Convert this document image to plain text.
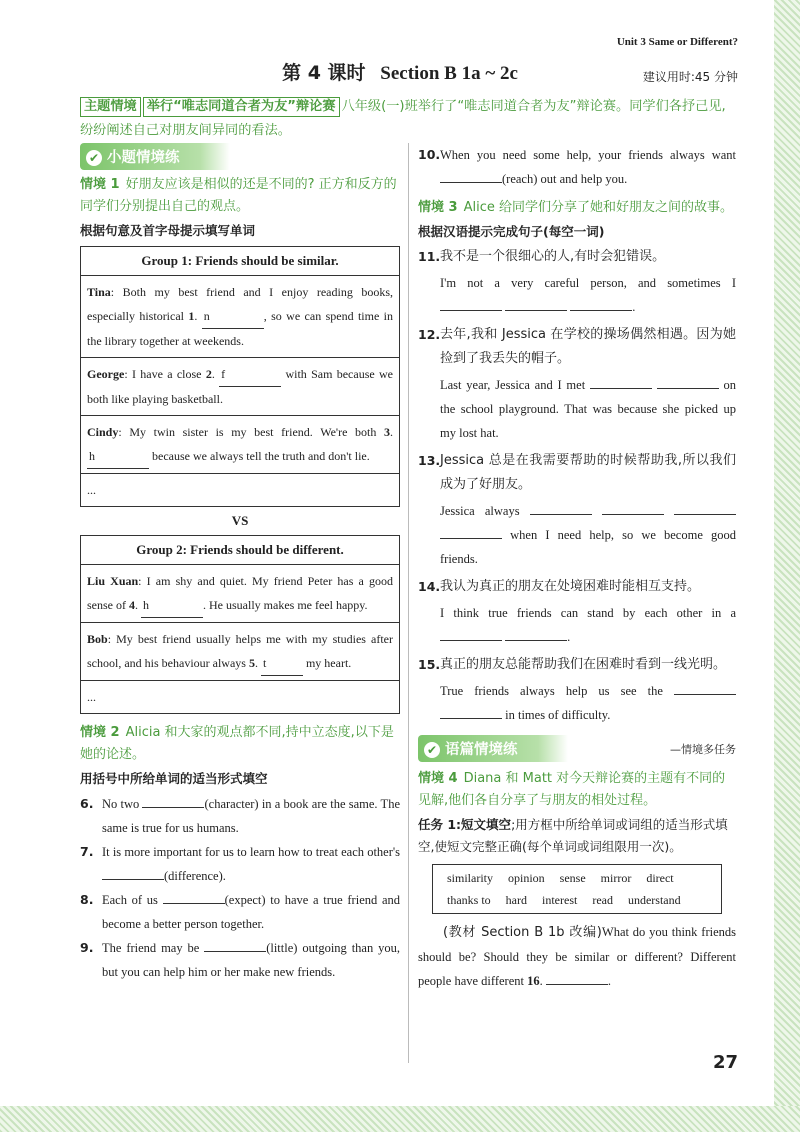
Unit 3 Same or Different?
第 4 课时 Section B 1a ~ 2c	建议用时:45 分钟
主题情境 举行“唯志同道合者为友”辩论赛 八年级(一)班举行了“唯志同道合者为友”辩论赛。同学们各抒己见,纷纷阐述自己对朋友间异同的看法。
✔ 小题情境练
情境 1 好朋友应该是相似的还是不同的? 正方和反方的同学们分别提出自己的观点。
根据句意及首字母提示填写单词
Group 1: Friends should be similar.
Tina: Both my best friend and I enjoy reading books, especially historical 1. n	, so we can spend time in the library together at weekends.
George: I have a close 2. f	with Sam because we both like playing basketball.
Cindy: My twin sister is my best friend. We're both 3. h	because we always tell the truth and don't lie.
...
VS
Group 2: Friends should be different.
Liu Xuan: I am shy and quiet. My friend Peter has a good sense of 4. h	. He usually makes me feel happy.
Bob: My best friend usually helps me with my studies after school, and his behaviour always 5. t	my heart.
...
情境 2 Alicia 和大家的观点都不同,持中立态度,以下是她的论述。
用括号中所给单词的适当形式填空
6. No two	(character) in a book are the same. The same is true for us humans.
7. It is more important for us to learn how to treat each other's (difference).
8. Each of us	(expect) to have a true friend and become a better person together.
9. The friend may be	(little) outgoing than you, but you can help him or her make new friends.
10. When you need some help, your friends always want (reach) out and help you.
情境 3 Alice 给同学们分享了她和好朋友之间的故事。
根据汉语提示完成句子(每空一词)
11. 我不是一个很细心的人,有时会犯错误。
I'm not a very careful person, and sometimes I   .
12. 去年,我和 Jessica 在学校的操场偶然相遇。因为她捡到了我丢失的帽子。
Last year, Jessica and I met	on the school playground. That was because she picked up my lost hat.
13. Jessica 总是在我需要帮助的时候帮助我,所以我们成为了好朋友。
Jessica always     when I need help, so we become good friends.
14. 我认为真正的朋友在处境困难时能相互支持。
I think true friends can stand by each other in a  .
15. 真正的朋友总能帮助我们在困难时看到一线光明。
True friends always help us see the   in times of difficulty.
✔ 语篇情境练	—情境多任务
情境 4 Diana 和 Matt 对今天辩论赛的主题有不同的见解,他们各自分享了与朋友的相处过程。
任务 1:短文填空;用方框中所给单词或词组的适当形式填空,使短文完整正确(每个单词或词组限用一次)。
similarity opinion sense mirror direct
thanks to hard interest read understand
(教材 Section B 1b 改编)What do you think friends should be? Should they be similar or different? Different people have different 16.	.
27
